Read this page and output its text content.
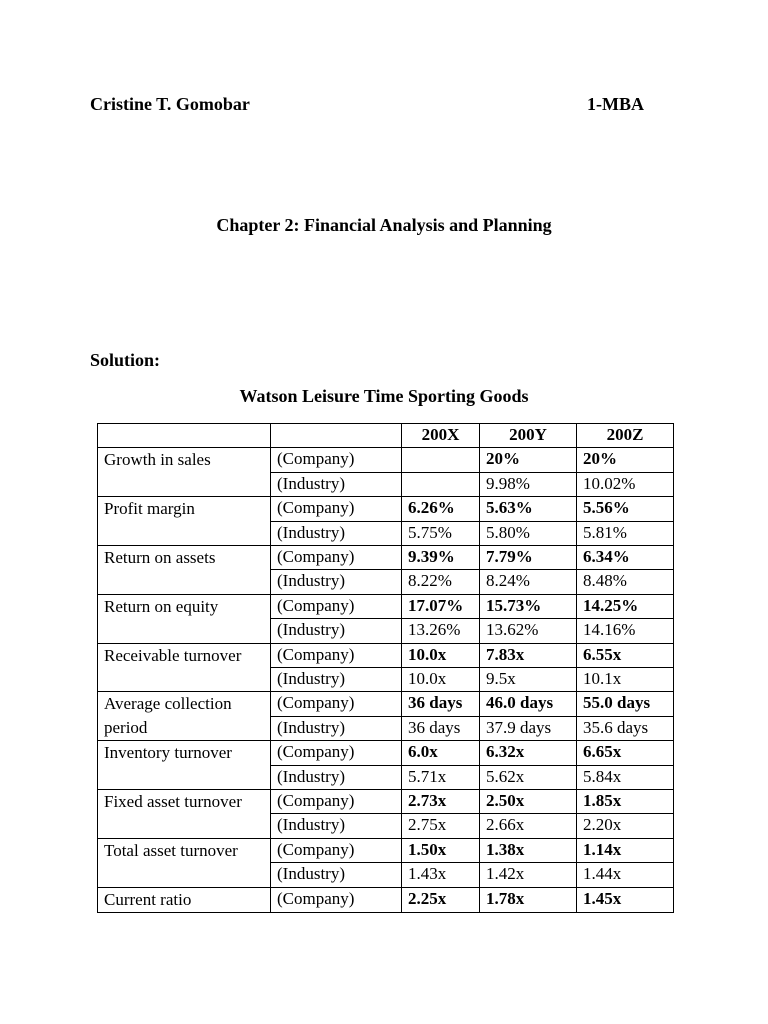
Cristine T. Gomobar	1-MBA
Chapter 2: Financial Analysis and Planning
Solution:
Watson Leisure Time Sporting Goods
		200X	200Y	200Z
Growth in sales	(Company)		20%	20%
	(Industry)		9.98%	10.02%
Profit margin	(Company)	6.26%	5.63%	5.56%
	(Industry)	5.75%	5.80%	5.81%
Return on assets	(Company)	9.39%	7.79%	6.34%
	(Industry)	8.22%	8.24%	8.48%
Return on equity	(Company)	17.07%	15.73%	14.25%
	(Industry)	13.26%	13.62%	14.16%
Receivable turnover	(Company)	10.0x	7.83x	6.55x
	(Industry)	10.0x	9.5x	10.1x
Average collection period	(Company)	36 days	46.0 days	55.0 days
	(Industry)	36 days	37.9 days	35.6 days
Inventory turnover	(Company)	6.0x	6.32x	6.65x
	(Industry)	5.71x	5.62x	5.84x
Fixed asset turnover	(Company)	2.73x	2.50x	1.85x
	(Industry)	2.75x	2.66x	2.20x
Total asset turnover	(Company)	1.50x	1.38x	1.14x
	(Industry)	1.43x	1.42x	1.44x
Current ratio	(Company)	2.25x	1.78x	1.45x
